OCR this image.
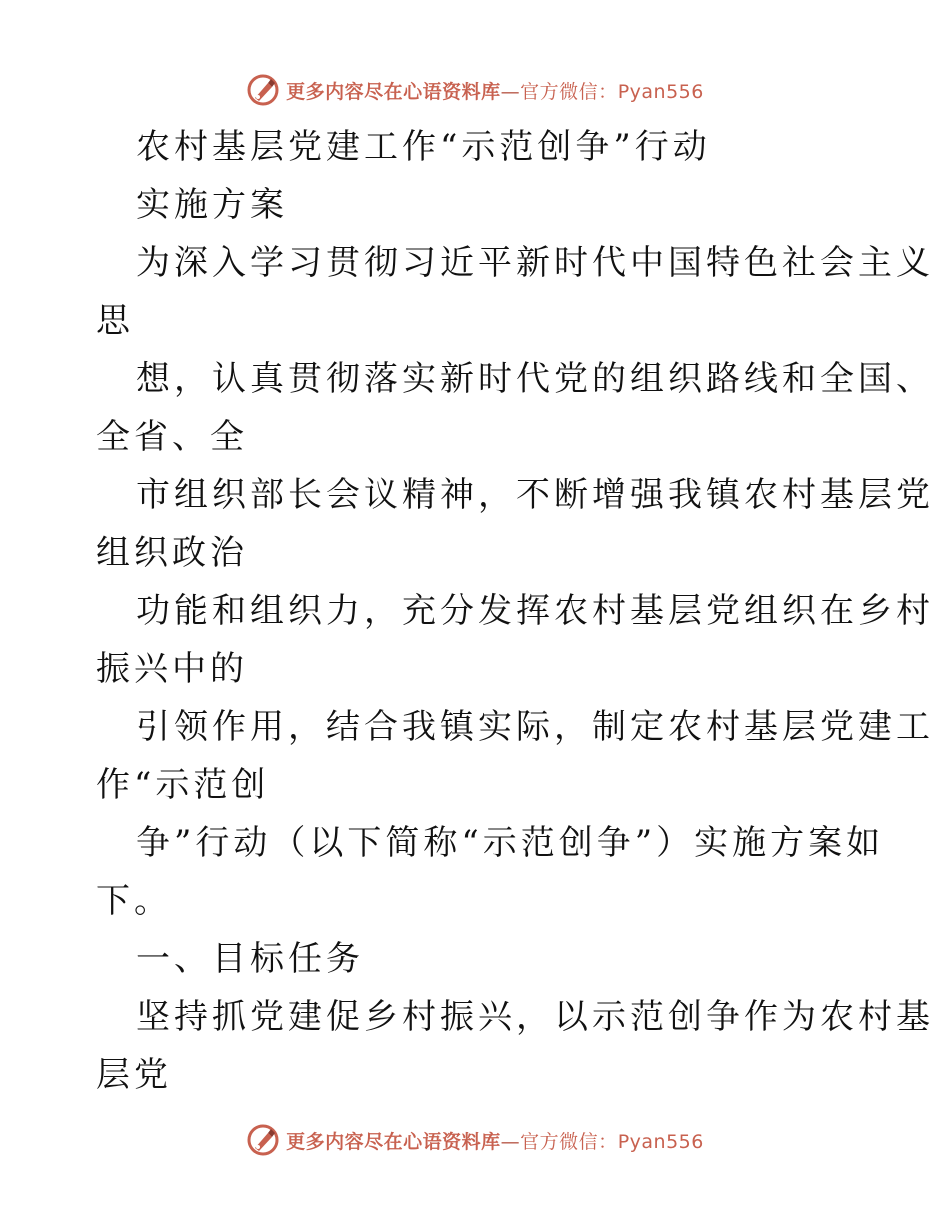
更多内容尽在心语资料库—官方微信：Pyan556
农村基层党建工作“示范创争”行动
实施方案
为深入学习贯彻习近平新时代中国特色社会主义
思
想，认真贯彻落实新时代党的组织路线和全国、
全省、全
市组织部长会议精神，不断增强我镇农村基层党
组织政治
功能和组织力，充分发挥农村基层党组织在乡村
振兴中的
引领作用，结合我镇实际，制定农村基层党建工
作“示范创
争”行动（以下简称“示范创争”）实施方案如
下。
一、目标任务
坚持抓党建促乡村振兴，以示范创争作为农村基
层党
更多内容尽在心语资料库—官方微信：Pyan556
